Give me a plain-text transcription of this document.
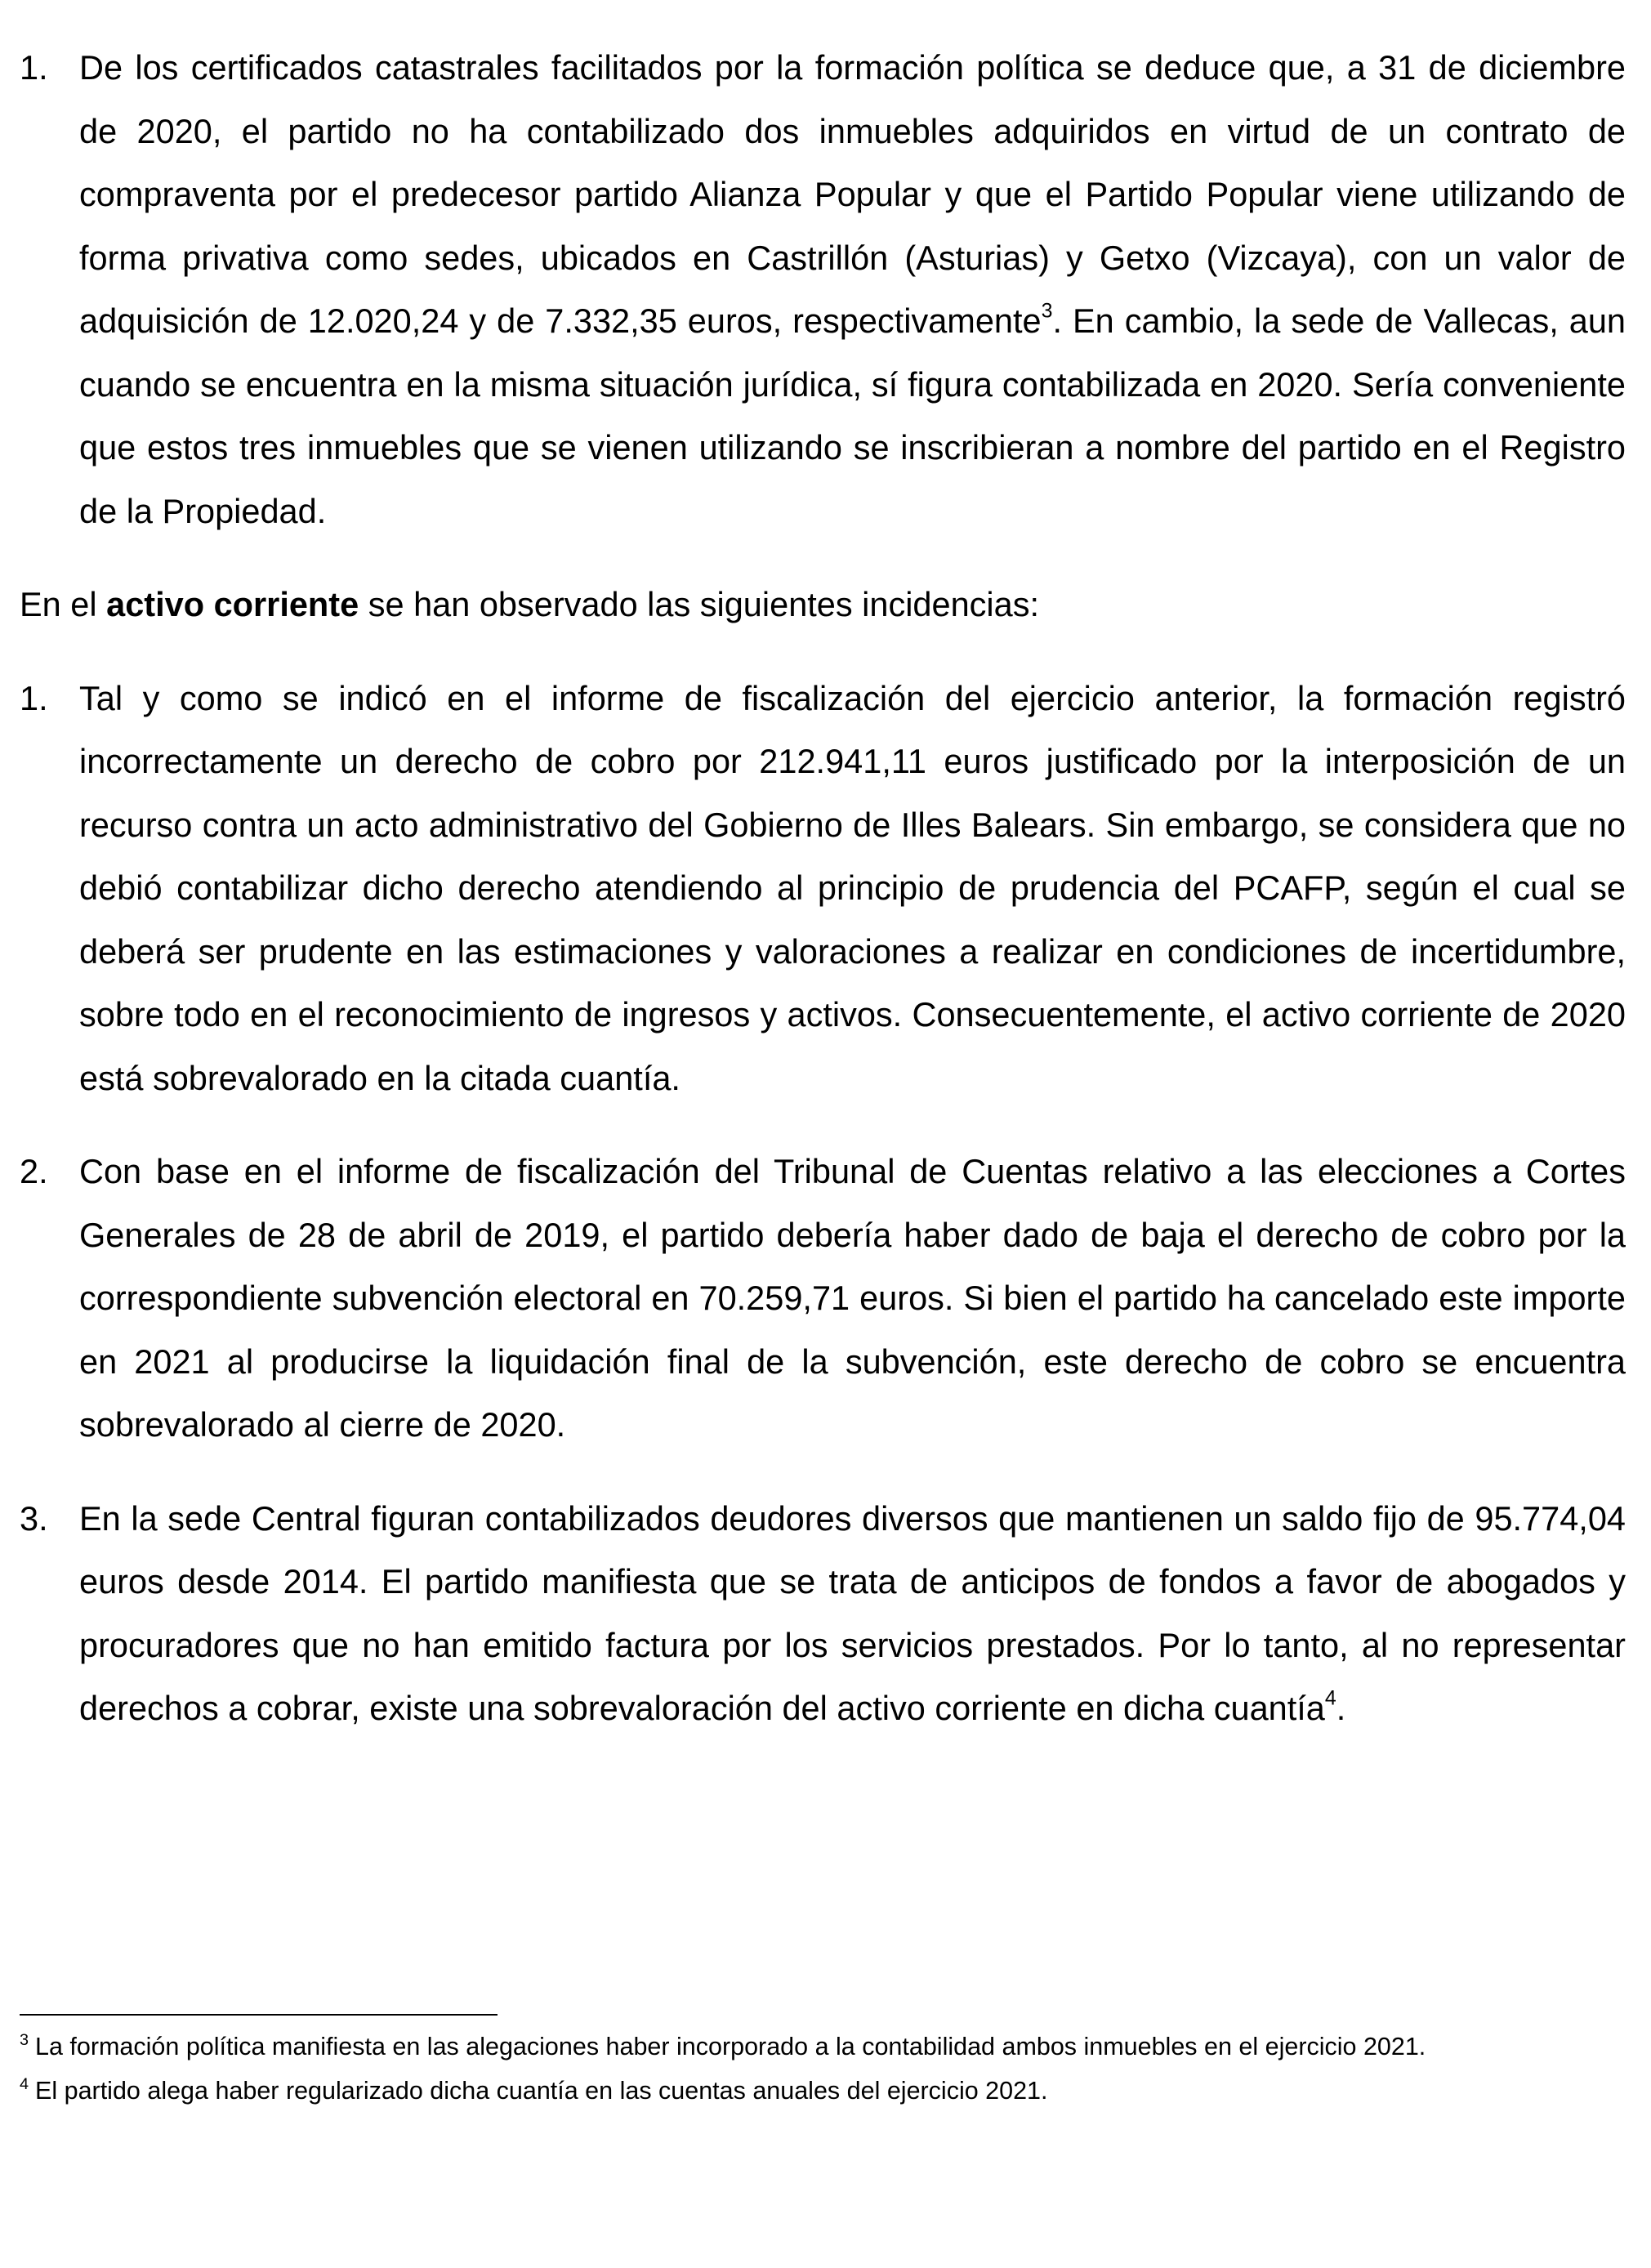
1. De los certificados catastrales facilitados por la formación política se deduce que, a 31 de diciembre de 2020, el partido no ha contabilizado dos inmuebles adquiridos en virtud de un contrato de compraventa por el predecesor partido Alianza Popular y que el Partido Popular viene utilizando de forma privativa como sedes, ubicados en Castrillón (Asturias) y Getxo (Vizcaya), con un valor de adquisición de 12.020,24 y de 7.332,35 euros, respectivamente$^3$. En cambio, la sede de Vallecas, aun cuando se encuentra en la misma situación jurídica, sí figura contabilizada en 2020. Sería conveniente que estos tres inmuebles que se vienen utilizando se inscribieran a nombre del partido en el Registro de la Propiedad.

En el activo corriente se han observado las siguientes incidencias:

1. Tal y como se indicó en el informe de fiscalización del ejercicio anterior, la formación registró incorrectamente un derecho de cobro por 212.941,11 euros justificado por la interposición de un recurso contra un acto administrativo del Gobierno de Illes Balears. Sin embargo, se considera que no debió contabilizar dicho derecho atendiendo al principio de prudencia del PCAFP, según el cual se deberá ser prudente en las estimaciones y valoraciones a realizar en condiciones de incertidumbre, sobre todo en el reconocimiento de ingresos y activos. Consecuentemente, el activo corriente de 2020 está sobrevalorado en la citada cuantía.
2. Con base en el informe de fiscalización del Tribunal de Cuentas relativo a las elecciones a Cortes Generales de 28 de abril de 2019, el partido debería haber dado de baja el derecho de cobro por la correspondiente subvención electoral en 70.259,71 euros. Si bien el partido ha cancelado este importe en 2021 al producirse la liquidación final de la subvención, este derecho de cobro se encuentra sobrevalorado al cierre de 2020.
3. En la sede Central figuran contabilizados deudores diversos que mantienen un saldo fijo de 95.774,04 euros desde 2014. El partido manifiesta que se trata de anticipos de fondos a favor de abogados y procuradores que no han emitido factura por los servicios prestados. Por lo tanto, al no representar derechos a cobrar, existe una sobrevaloración del activo corriente en dicha cuantía$^4$.
$^3$ La formación política manifiesta en las alegaciones haber incorporado a la contabilidad ambos inmuebles en el ejercicio 2021.
$^4$ El partido alega haber regularizado dicha cuantía en las cuentas anuales del ejercicio 2021.
